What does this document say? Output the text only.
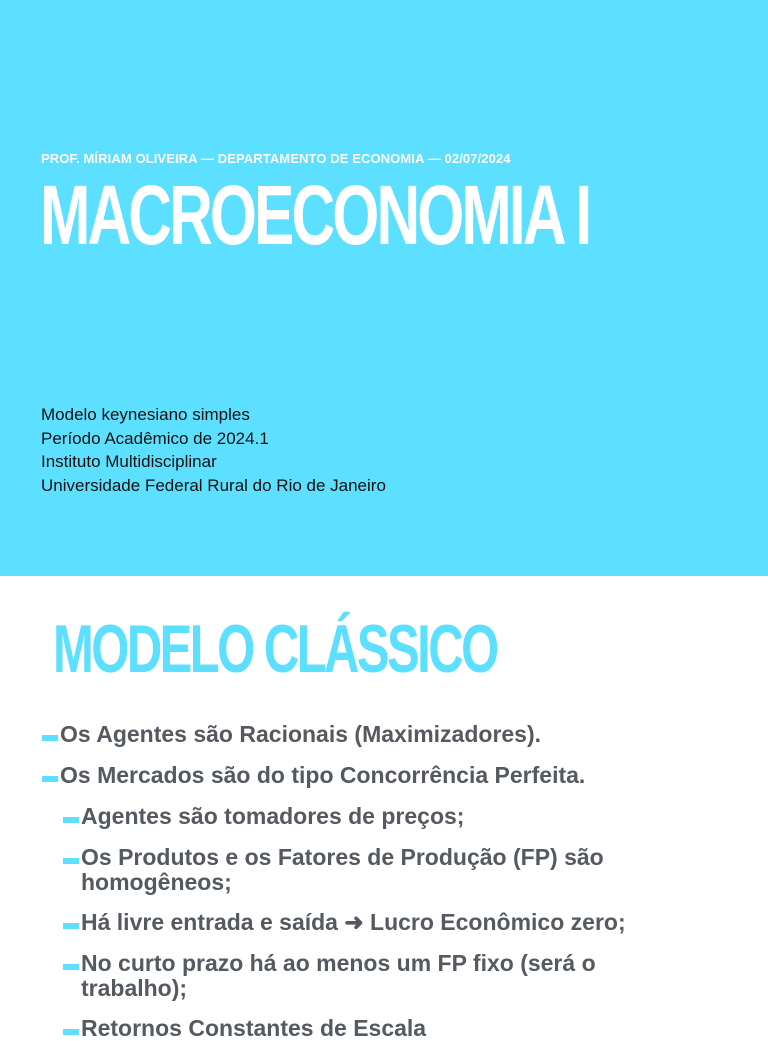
PROF. MÍRIAM OLIVEIRA — DEPARTAMENTO DE ECONOMIA — 02/07/2024
MACROECONOMIA I
Modelo keynesiano simples
Período Acadêmico de 2024.1
Instituto Multidisciplinar
Universidade Federal Rural do Rio de Janeiro
MODELO CLÁSSICO
Os Agentes são Racionais (Maximizadores).
Os Mercados são do tipo Concorrência Perfeita.
Agentes são tomadores de preços;
Os Produtos e os Fatores de Produção (FP) são homogêneos;
Há livre entrada e saída ➜ Lucro Econômico zero;
No curto prazo há ao menos um FP fixo (será o trabalho);
Retornos Constantes de Escala
